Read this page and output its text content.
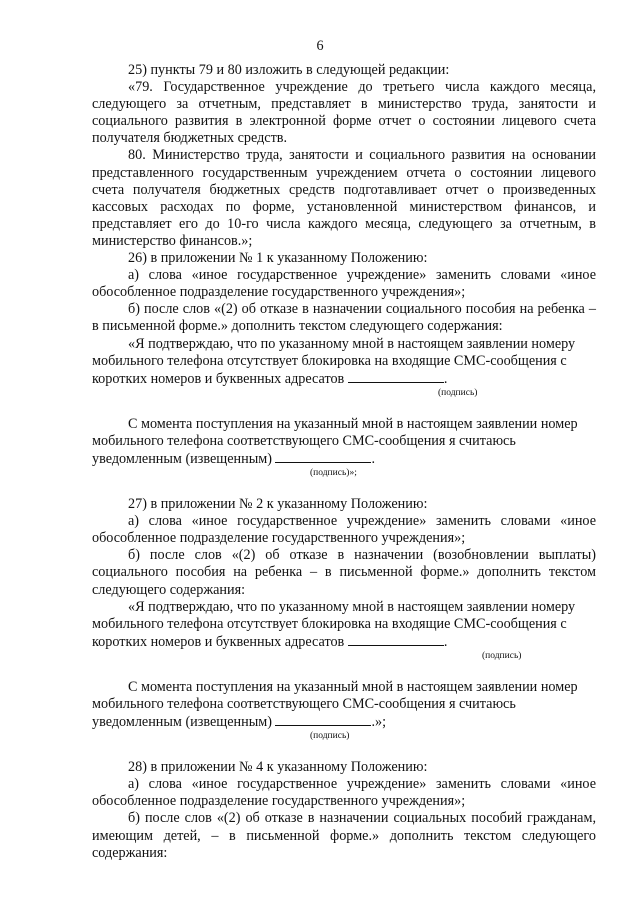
6

25) пункты 79 и 80 изложить в следующей редакции:

«79. Государственное учреждение до третьего числа каждого месяца, следующего за отчетным, представляет в министерство труда, занятости и социального развития в электронной форме отчет о состоянии лицевого счета получателя бюджетных средств.

80. Министерство труда, занятости и социального развития на основании представленного государственным учреждением отчета о состоянии лицевого счета получателя бюджетных средств подготавливает отчет о произведенных кассовых расходах по форме, установленной министерством финансов, и представляет его до 10-го числа каждого месяца, следующего за отчетным, в министерство финансов.»;

26) в приложении № 1 к указанному Положению:

а) слова «иное государственное учреждение» заменить словами «иное обособленное подразделение государственного учреждения»;

б) после слов «(2) об отказе в назначении социального пособия на ребенка – в письменной форме.» дополнить текстом следующего содержания:

«Я подтверждаю, что по указанному мной в настоящем заявлении номеру мобильного телефона отсутствует блокировка на входящие СМС-сообщения с коротких номеров и буквенных адресатов	.

(подпись)

С момента поступления на указанный мной в настоящем заявлении номер мобильного телефона соответствующего СМС-сообщения я считаюсь уведомленным (извещенным)	.

(подпись)»;

27) в приложении № 2 к указанному Положению:

а) слова «иное государственное учреждение» заменить словами «иное обособленное подразделение государственного учреждения»;

б) после слов «(2) об отказе в назначении (возобновлении выплаты) социального пособия на ребенка – в письменной форме.» дополнить текстом следующего содержания:

«Я подтверждаю, что по указанному мной в настоящем заявлении номеру мобильного телефона отсутствует блокировка на входящие СМС-сообщения с коротких номеров и буквенных адресатов	.

(подпись)

С момента поступления на указанный мной в настоящем заявлении номер мобильного телефона соответствующего СМС-сообщения я считаюсь уведомленным (извещенным)	.»;

(подпись)

28) в приложении № 4 к указанному Положению:

а) слова «иное государственное учреждение» заменить словами «иное обособленное подразделение государственного учреждения»;

б) после слов «(2) об отказе в назначении социальных пособий гражданам, имеющим детей, – в письменной форме.» дополнить текстом следующего содержания:
